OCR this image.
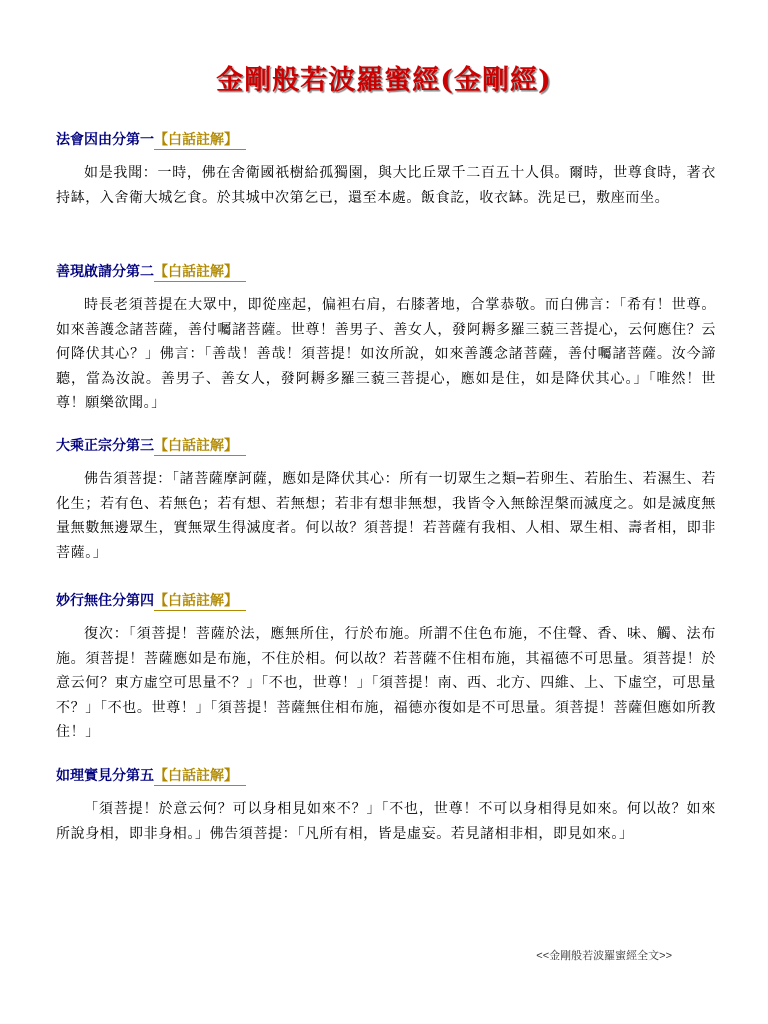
金剛般若波羅蜜經(金剛經)
法會因由分第一【白話註解】
如是我聞：一時，佛在舍衛國祇樹給孤獨園，與大比丘眾千二百五十人俱。爾時，世尊食時，著衣持缽，入舍衛大城乞食。於其城中次第乞已，還至本處。飯食訖，收衣缽。洗足已，敷座而坐。
善現啟請分第二【白話註解】
時長老須菩提在大眾中，即從座起，偏袒右肩，右膝著地，合掌恭敬。而白佛言：「希有！世尊。如來善護念諸菩薩，善付囑諸菩薩。世尊！善男子、善女人，發阿耨多羅三藐三菩提心，云何應住？云何降伏其心？」佛言：「善哉！善哉！須菩提！如汝所說，如來善護念諸菩薩，善付囑諸菩薩。汝今諦聽，當為汝說。善男子、善女人，發阿耨多羅三藐三菩提心，應如是住，如是降伏其心。」「唯然！世尊！願樂欲聞。」
大乘正宗分第三【白話註解】
佛告須菩提：「諸菩薩摩訶薩，應如是降伏其心：所有一切眾生之類─若卵生、若胎生、若濕生、若化生；若有色、若無色；若有想、若無想；若非有想非無想，我皆令入無餘涅槃而滅度之。如是滅度無量無數無邊眾生，實無眾生得滅度者。何以故？須菩提！若菩薩有我相、人相、眾生相、壽者相，即非菩薩。」
妙行無住分第四【白話註解】
復次：「須菩提！菩薩於法，應無所住，行於布施。所謂不住色布施，不住聲、香、味、觸、法布施。須菩提！菩薩應如是布施，不住於相。何以故？若菩薩不住相布施，其福德不可思量。須菩提！於意云何？東方虛空可思量不？」「不也，世尊！」「須菩提！南、西、北方、四維、上、下虛空，可思量不？」「不也。世尊！」「須菩提！菩薩無住相布施，福德亦復如是不可思量。須菩提！菩薩但應如所教住！」
如理實見分第五【白話註解】
「須菩提！於意云何？可以身相見如來不？」「不也，世尊！不可以身相得見如來。何以故？如來所說身相，即非身相。」佛告須菩提：「凡所有相，皆是虛妄。若見諸相非相，即見如來。」
<<金剛般若波羅蜜經全文>>
